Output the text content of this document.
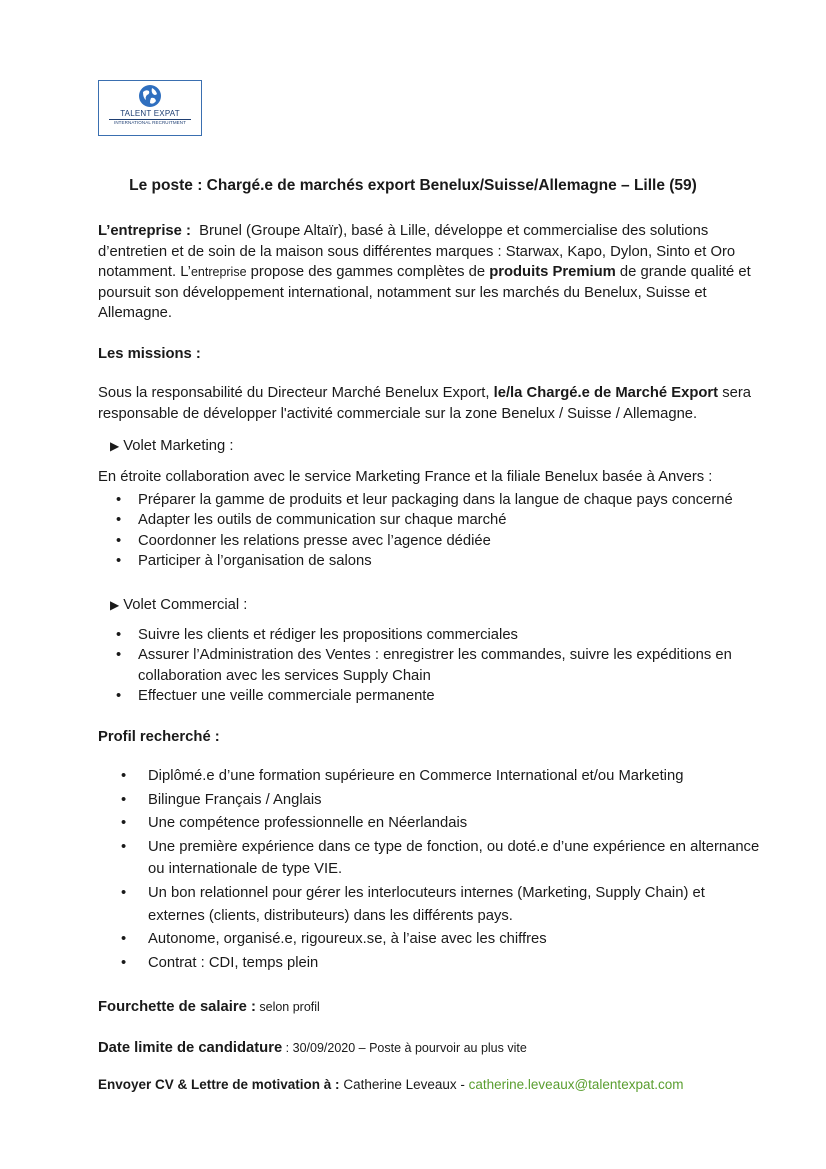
TALENT EXPAT
INTERNATIONAL RECRUITMENT
Le poste : Chargé.e de marchés export Benelux/Suisse/Allemagne – Lille (59)

L’entreprise : Brunel (Groupe Altaïr), basé à Lille, développe et commercialise des solutions d’entretien et de soin de la maison sous différentes marques : Starwax, Kapo, Dylon, Sinto et Oro notamment. L’entreprise propose des gammes complètes de produits Premium de grande qualité et poursuit son développement international, notamment sur les marchés du Benelux, Suisse et Allemagne.

Les missions :

Sous la responsabilité du Directeur Marché Benelux Export, le/la Chargé.e de Marché Export sera responsable de développer l'activité commerciale sur la zone Benelux / Suisse / Allemagne.

▶ Volet Marketing :

En étroite collaboration avec le service Marketing France et la filiale Benelux basée à Anvers :

• Préparer la gamme de produits et leur packaging dans la langue de chaque pays concerné
• Adapter les outils de communication sur chaque marché
• Coordonner les relations presse avec l’agence dédiée
• Participer à l’organisation de salons
▶ Volet Commercial :
• Suivre les clients et rédiger les propositions commerciales
• Assurer l’Administration des Ventes : enregistrer les commandes, suivre les expéditions en collaboration avec les services Supply Chain
• Effectuer une veille commerciale permanente

Profil recherché :

• Diplômé.e d’une formation supérieure en Commerce International et/ou Marketing
• Bilingue Français / Anglais
• Une compétence professionnelle en Néerlandais
• Une première expérience dans ce type de fonction, ou doté.e d’une expérience en alternance ou internationale de type VIE.
• Un bon relationnel pour gérer les interlocuteurs internes (Marketing, Supply Chain) et externes (clients, distributeurs) dans les différents pays.
• Autonome, organisé.e, rigoureux.se, à l’aise avec les chiffres
• Contrat : CDI, temps plein

Fourchette de salaire : selon profil

Date limite de candidature : 30/09/2020 – Poste à pourvoir au plus vite

Envoyer CV & Lettre de motivation à : Catherine Leveaux - catherine.leveaux@talentexpat.com
